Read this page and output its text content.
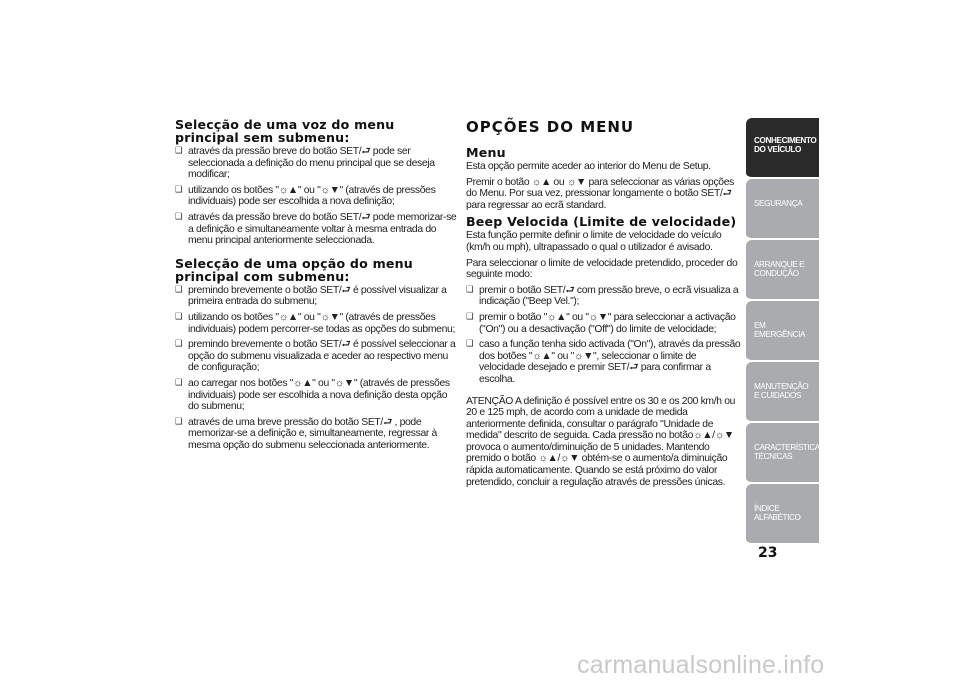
Selecção de uma voz do menu
principal sem submenu:
❑ através da pressão breve do botão SET/⮐ pode ser seleccionada a definição do menu principal que se deseja modificar;
❑ utilizando os botões "☼▲" ou "☼▼" (através de pressões individuais) pode ser escolhida a nova definição;
❑ através da pressão breve do botão SET/⮐ pode memorizar-se a definição e simultaneamente voltar à mesma entrada do menu principal anteriormente seleccionada.
Selecção de uma opção do menu
principal com submenu:
❑ premindo brevemente o botão SET/⮐ é possível visualizar a primeira entrada do submenu;
❑ utilizando os botões "☼▲" ou "☼▼" (através de pressões individuais) podem percorrer-se todas as opções do submenu;
❑ premindo brevemente o botão SET/⮐ é possível seleccionar a opção do submenu visualizada e aceder ao respectivo menu de configuração;
❑ ao carregar nos botões "☼▲" ou "☼▼" (através de pressões individuais) pode ser escolhida a nova definição desta opção do submenu;
❑ através de uma breve pressão do botão SET/⮐ , pode memorizar-se a definição e, simultaneamente, regressar à mesma opção do submenu seleccionada anteriormente.
OPÇÕES DO MENU
Menu

Esta opção permite aceder ao interior do Menu de Setup.

Premir o botão ☼▲ ou ☼▼ para seleccionar as várias opções do Menu. Por sua vez, pressionar longamente o botão SET/⮐ para regressar ao ecrã standard.

Beep Velocida (Limite de velocidade)

Esta função permite definir o limite de velocidade do veículo (km/h ou mph), ultrapassado o qual o utilizador é avisado.

Para seleccionar o limite de velocidade pretendido, proceder do seguinte modo:

❑ premir o botão SET/⮐ com pressão breve, o ecrã visualiza a indicação ("Beep Vel.");
❑ premir o botão "☼▲" ou "☼▼" para seleccionar a activação ("On") ou a desactivação ("Off") do limite de velocidade;
❑ caso a função tenha sido activada ("On"), através da pressão dos botões "☼▲" ou "☼▼", seleccionar o limite de velocidade desejado e premir SET/⮐ para confirmar a escolha.

ATENÇÃO A definição é possível entre os 30 e os 200 km/h ou 20 e 125 mph, de acordo com a unidade de medida anteriormente definida, consultar o parágrafo "Unidade de medida" descrito de seguida. Cada pressão no botão☼▲/☼▼ provoca o aumento/diminuição de 5 unidades. Mantendo premido o botão ☼▲/☼▼ obtém-se o aumento/a diminuição rápida automaticamente. Quando se está próximo do valor pretendido, concluir a regulação através de pressões únicas.

CONHECIMENTO DO VEÍCULO
SEGURANÇA
ARRANQUE E CONDUÇÃO
EM EMERGÊNCIA
MANUTENÇÃO E CUIDADOS
CARACTERÍSTICAS TÉCNICAS
ÍNDICE ALFABÉTICO
23
carmanualsonline.info
